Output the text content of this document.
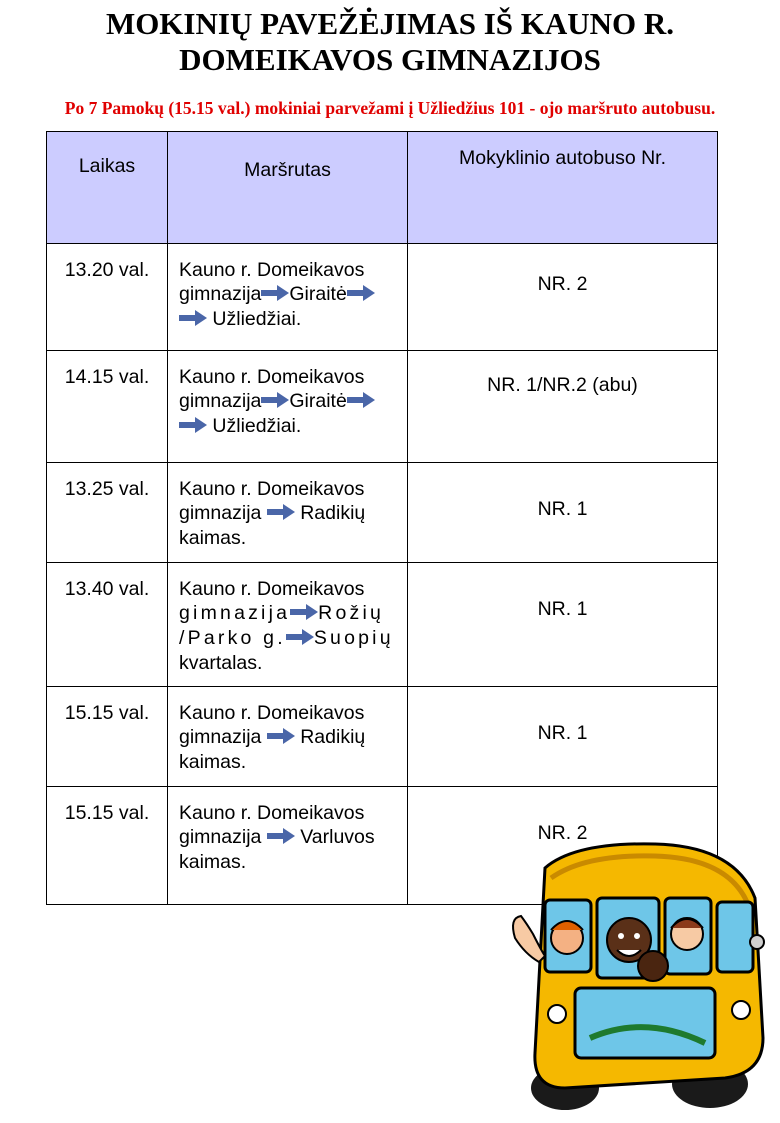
MOKINIŲ PAVEŽĖJIMAS IŠ KAUNO R.
DOMEIKAVOS GIMNAZIJOS
Po 7 Pamokų (15.15 val.) mokiniai parvežami į Užliedžius 101 - ojo maršruto autobusu.
Laikas	Maršrutas	Mokyklinio autobuso Nr.
13.20 val.	Kauno r. Domeikavos
gimnazija Giraitė
Užliedžiai.	NR. 2
14.15 val.	Kauno r. Domeikavos
gimnazija Giraitė
Užliedžiai.	NR. 1/NR.2 (abu)
13.25 val.	Kauno r. Domeikavos
gimnazija Radikių
kaimas.	NR. 1
13.40 val.	Kauno r. Domeikavos
gimnazija Rožių
/Parko g. Suopių
kvartalas.	NR. 1
15.15 val.	Kauno r. Domeikavos
gimnazija Radikių
kaimas.	NR. 1
15.15 val.	Kauno r. Domeikavos
gimnazija Varluvos
kaimas.	NR. 2
